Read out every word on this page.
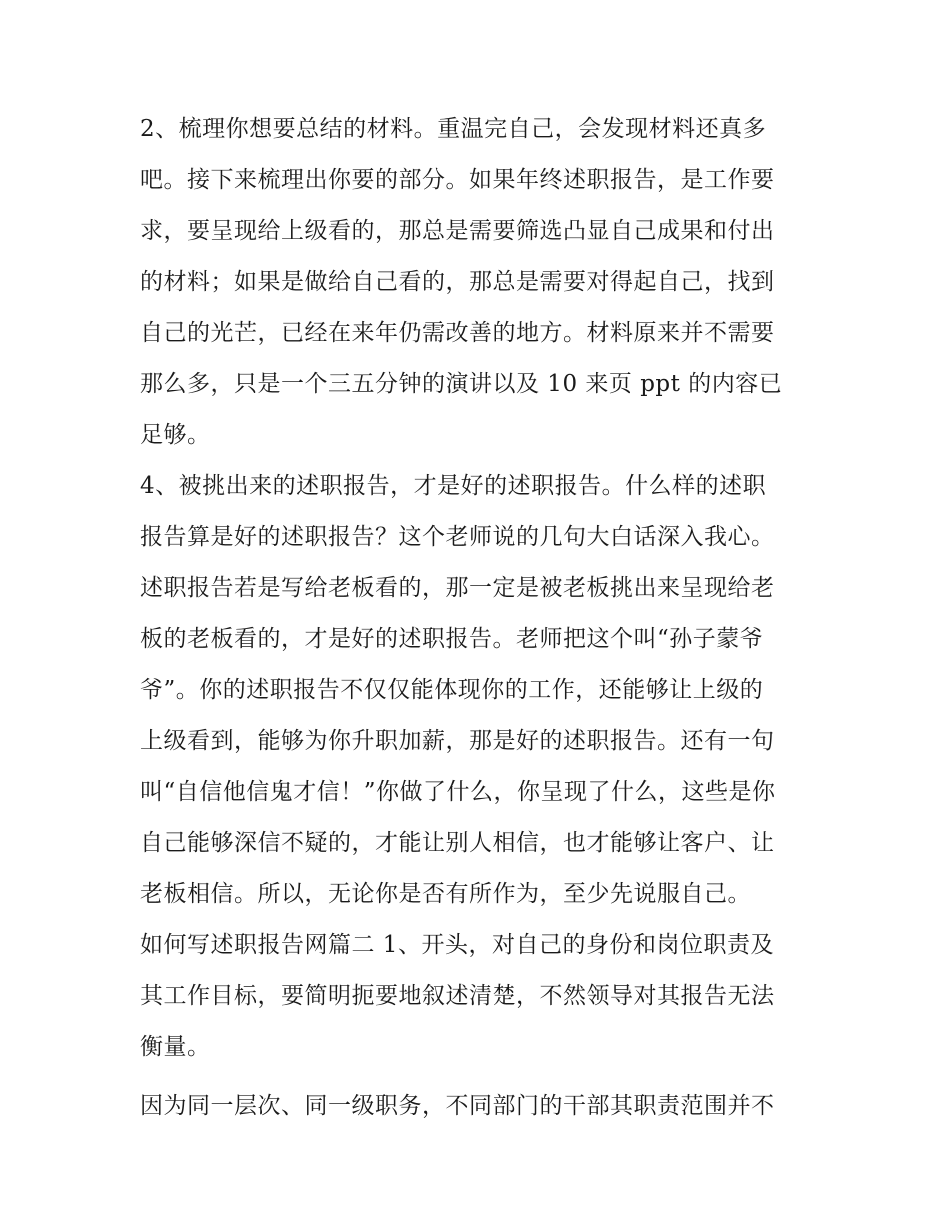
2、梳理你想要总结的材料。重温完自己，会发现材料还真多
吧。接下来梳理出你要的部分。如果年终述职报告，是工作要
求，要呈现给上级看的，那总是需要筛选凸显自己成果和付出
的材料；如果是做给自己看的，那总是需要对得起自己，找到
自己的光芒，已经在来年仍需改善的地方。材料原来并不需要
那么多，只是一个三五分钟的演讲以及 10 来页 ppt 的内容已
足够。
4、被挑出来的述职报告，才是好的述职报告。什么样的述职
报告算是好的述职报告？这个老师说的几句大白话深入我心。
述职报告若是写给老板看的，那一定是被老板挑出来呈现给老
板的老板看的，才是好的述职报告。老师把这个叫“孙子蒙爷
爷”。你的述职报告不仅仅能体现你的工作，还能够让上级的
上级看到，能够为你升职加薪，那是好的述职报告。还有一句
叫“自信他信鬼才信！”你做了什么，你呈现了什么，这些是你
自己能够深信不疑的，才能让别人相信，也才能够让客户、让
老板相信。所以，无论你是否有所作为，至少先说服自己。
如何写述职报告网篇二 1、开头，对自己的身份和岗位职责及
其工作目标，要简明扼要地叙述清楚，不然领导对其报告无法
衡量。
因为同一层次、同一级职务，不同部门的干部其职责范围并不
